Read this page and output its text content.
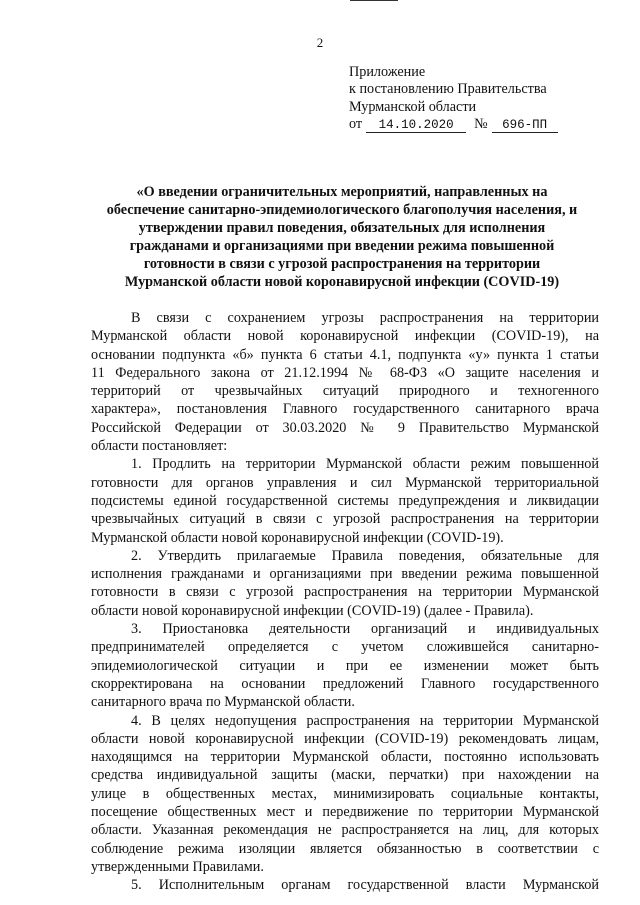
2
Приложение
к постановлению Правительства
Мурманской области
от 14.10.2020 № 696-ПП
«О введении ограничительных мероприятий, направленных на
обеспечение санитарно-эпидемиологического благополучия населения, и
утверждении правил поведения, обязательных для исполнения
гражданами и организациями при введении режима повышенной
готовности в связи с угрозой распространения на территории
Мурманской области новой коронавирусной инфекции (COVID-19)
В связи с сохранением угрозы распространения на территории
Мурманской области новой коронавирусной инфекции (COVID-19), на
основании подпункта «б» пункта 6 статьи 4.1, подпункта «у» пункта 1 статьи
11 Федерального закона от 21.12.1994 № 68-ФЗ «О защите населения и
территорий от чрезвычайных ситуаций природного и техногенного
характера», постановления Главного государственного санитарного врача
Российской Федерации от 30.03.2020 № 9 Правительство Мурманской
области постановляет:
1. Продлить на территории Мурманской области режим повышенной
готовности для органов управления и сил Мурманской территориальной
подсистемы единой государственной системы предупреждения и ликвидации
чрезвычайных ситуаций в связи с угрозой распространения на территории
Мурманской области новой коронавирусной инфекции (COVID-19).
2. Утвердить прилагаемые Правила поведения, обязательные для
исполнения гражданами и организациями при введении режима повышенной
готовности в связи с угрозой распространения на территории Мурманской
области новой коронавирусной инфекции (COVID-19) (далее - Правила).
3. Приостановка деятельности организаций и индивидуальных
предпринимателей определяется с учетом сложившейся санитарно-
эпидемиологической ситуации и при ее изменении может быть
скорректирована на основании предложений Главного государственного
санитарного врача по Мурманской области.
4. В целях недопущения распространения на территории Мурманской
области новой коронавирусной инфекции (COVID-19) рекомендовать лицам,
находящимся на территории Мурманской области, постоянно использовать
средства индивидуальной защиты (маски, перчатки) при нахождении на
улице в общественных местах, минимизировать социальные контакты,
посещение общественных мест и передвижение по территории Мурманской
области. Указанная рекомендация не распространяется на лиц, для которых
соблюдение режима изоляции является обязанностью в соответствии с
утвержденными Правилами.
5. Исполнительным органам государственной власти Мурманской
